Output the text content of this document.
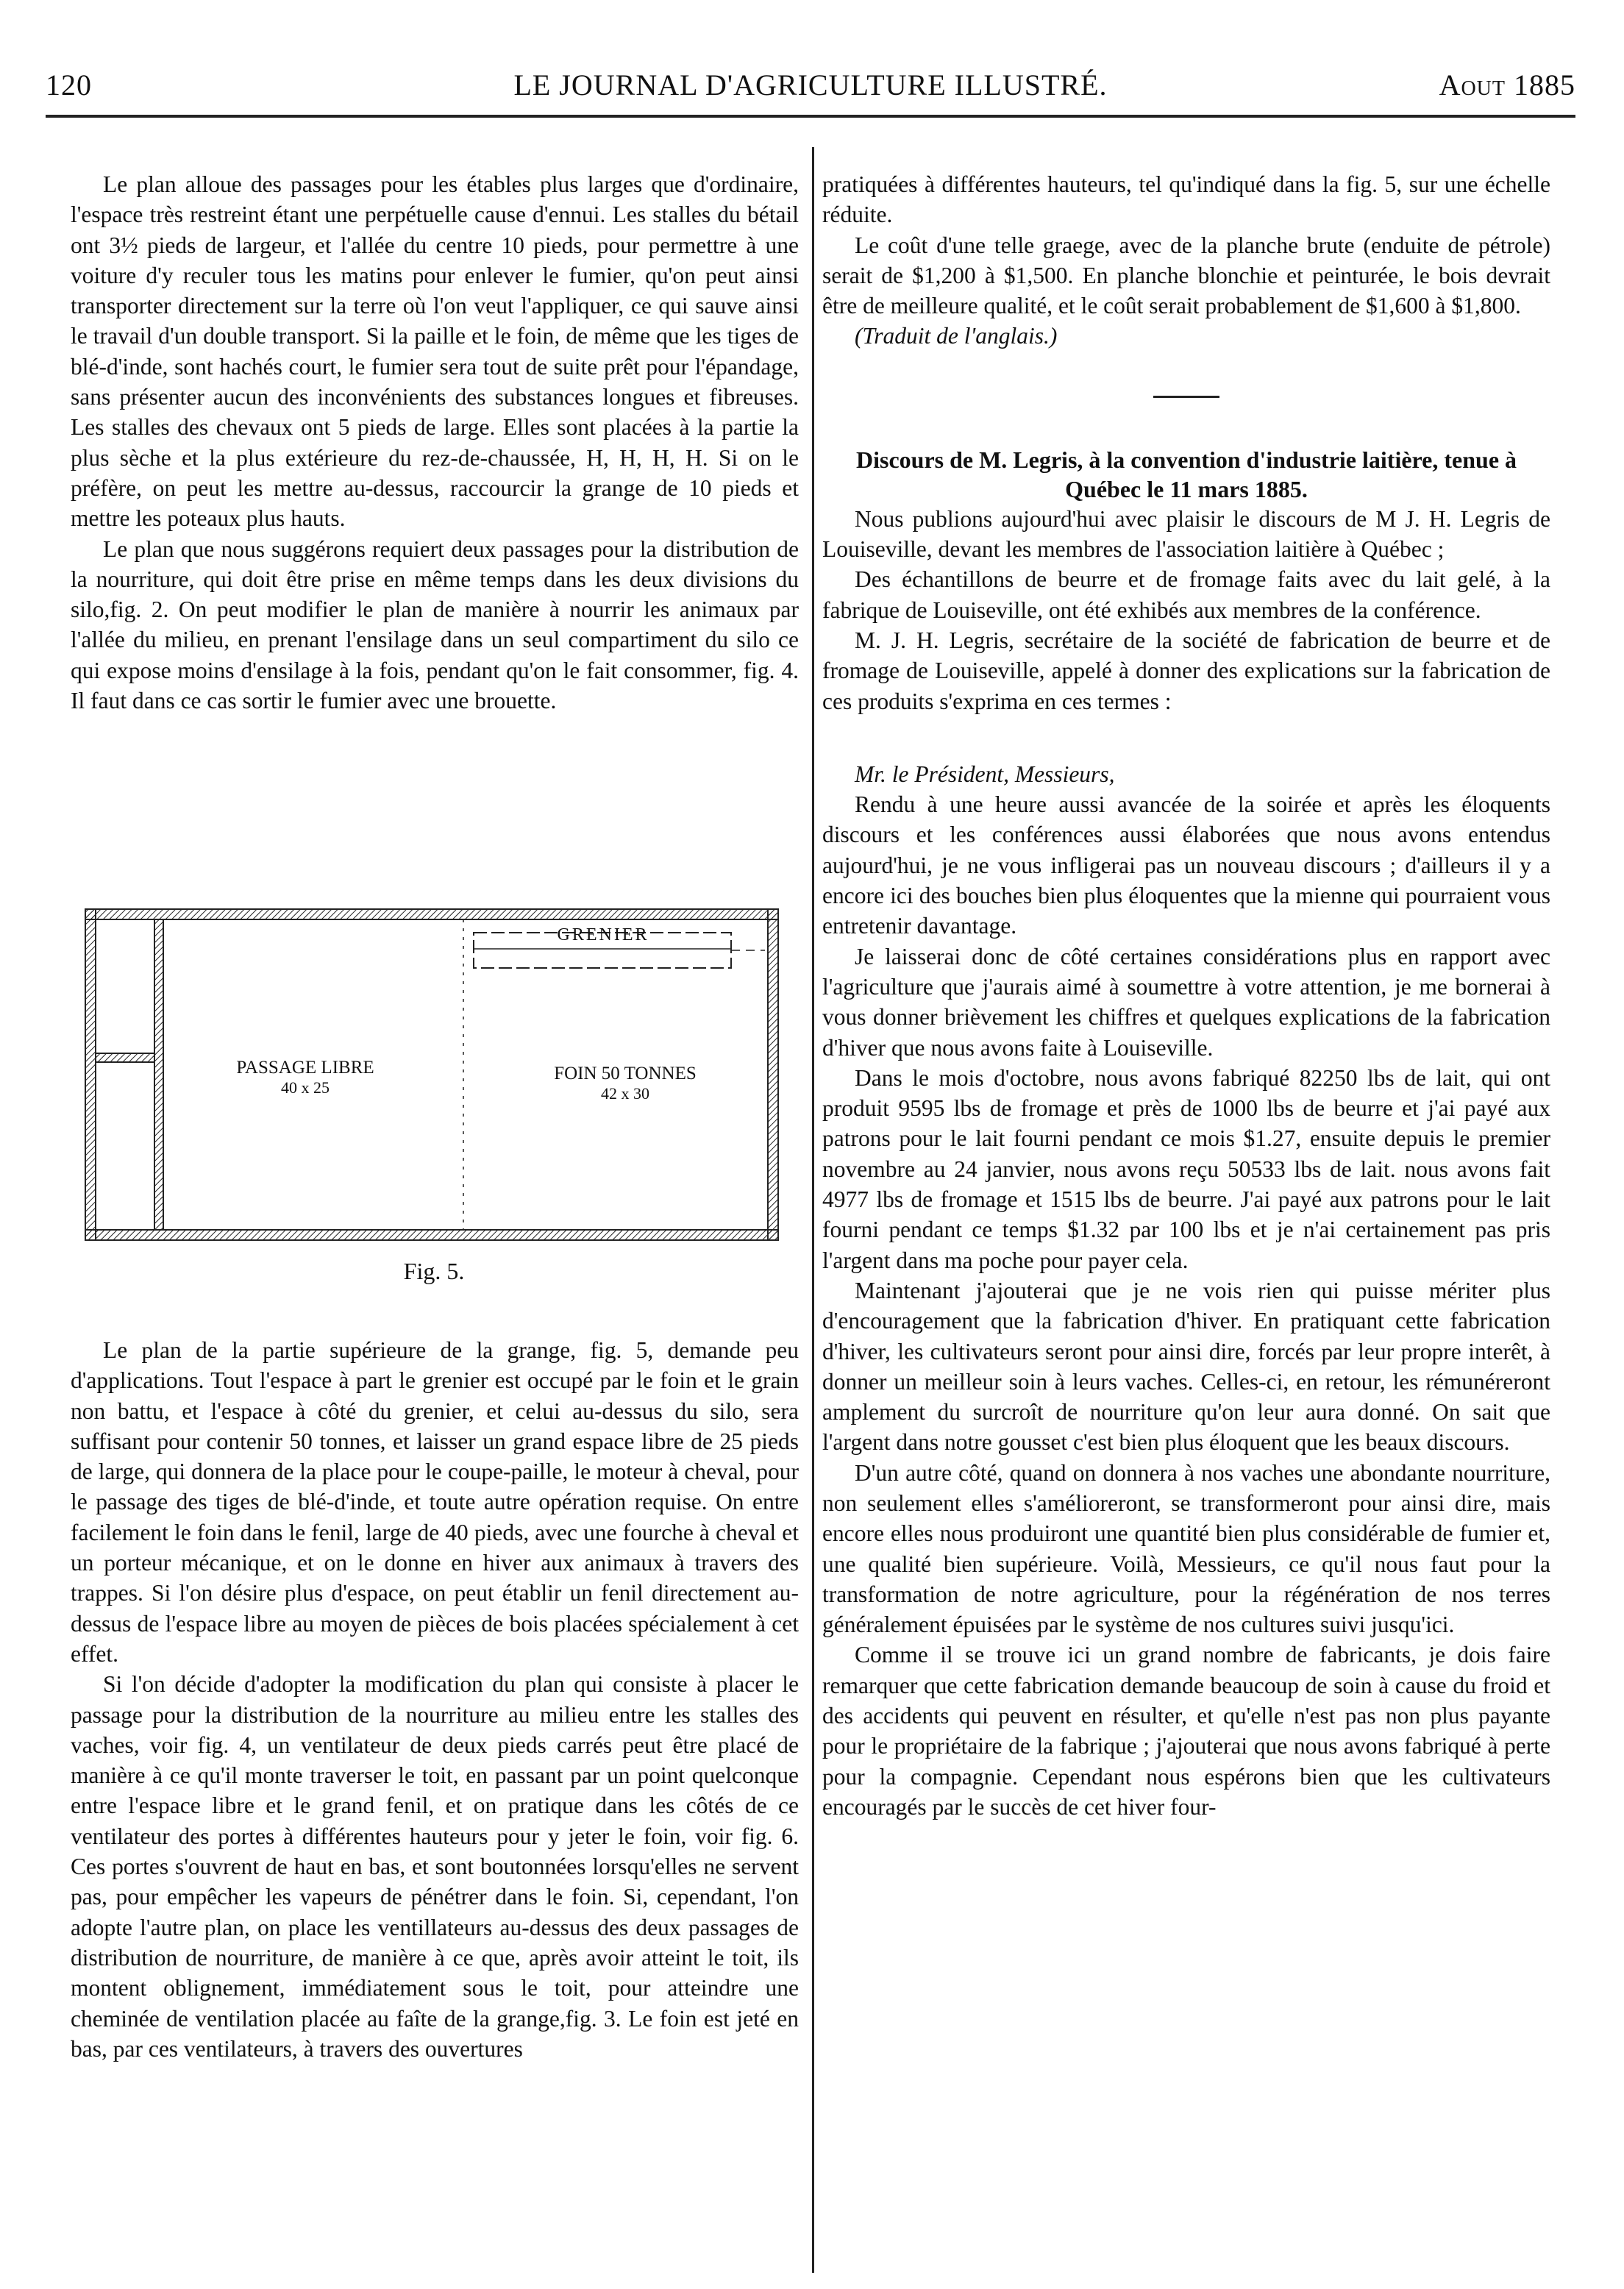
120	LE JOURNAL D'AGRICULTURE ILLUSTRÉ.	Aout 1885

Le plan alloue des passages pour les étables plus larges que d'ordinaire, l'espace très restreint étant une perpétuelle cause d'ennui. Les stalles du bétail ont 3½ pieds de largeur, et l'allée du centre 10 pieds, pour permettre à une voiture d'y reculer tous les matins pour enlever le fumier, qu'on peut ainsi transporter directement sur la terre où l'on veut l'appliquer, ce qui sauve ainsi le travail d'un double transport. Si la paille et le foin, de même que les tiges de blé-d'inde, sont hachés court, le fumier sera tout de suite prêt pour l'épandage, sans présenter aucun des inconvénients des substances longues et fibreuses. Les stalles des chevaux ont 5 pieds de large. Elles sont placées à la partie la plus sèche et la plus extérieure du rez-de-chaussée, H, H, H, H. Si on le préfère, on peut les mettre au-dessus, raccourcir la grange de 10 pieds et mettre les poteaux plus hauts.

Le plan que nous suggérons requiert deux passages pour la distribution de la nourriture, qui doit être prise en même temps dans les deux divisions du silo,fig. 2. On peut modifier le plan de manière à nourrir les animaux par l'allée du milieu, en prenant l'ensilage dans un seul compartiment du silo ce qui expose moins d'ensilage à la fois, pendant qu'on le fait consommer, fig. 4. Il faut dans ce cas sortir le fumier avec une brouette.

GRENIER
PASSAGE LIBRE
40 x 25
FOIN 50 TONNES
42 x 30
Fig. 5.

Le plan de la partie supérieure de la grange, fig. 5, demande peu d'applications. Tout l'espace à part le grenier est occupé par le foin et le grain non battu, et l'espace à côté du grenier, et celui au-dessus du silo, sera suffisant pour contenir 50 tonnes, et laisser un grand espace libre de 25 pieds de large, qui donnera de la place pour le coupe-paille, le moteur à cheval, pour le passage des tiges de blé-d'inde, et toute autre opération requise. On entre facilement le foin dans le fenil, large de 40 pieds, avec une fourche à cheval et un porteur mécanique, et on le donne en hiver aux animaux à travers des trappes. Si l'on désire plus d'espace, on peut établir un fenil directement au-dessus de l'espace libre au moyen de pièces de bois placées spécialement à cet effet.

Si l'on décide d'adopter la modification du plan qui consiste à placer le passage pour la distribution de la nourriture au milieu entre les stalles des vaches, voir fig. 4, un ventilateur de deux pieds carrés peut être placé de manière à ce qu'il monte traverser le toit, en passant par un point quelconque entre l'espace libre et le grand fenil, et on pratique dans les côtés de ce ventilateur des portes à différentes hauteurs pour y jeter le foin, voir fig. 6. Ces portes s'ouvrent de haut en bas, et sont boutonnées lorsqu'elles ne servent pas, pour empêcher les vapeurs de pénétrer dans le foin. Si, cependant, l'on adopte l'autre plan, on place les ventillateurs au-dessus des deux passages de distribution de nourriture, de manière à ce que, après avoir atteint le toit, ils montent oblignement, immédiatement sous le toit, pour atteindre une cheminée de ventilation placée au faîte de la grange,fig. 3. Le foin est jeté en bas, par ces ventilateurs, à travers des ouvertures

pratiquées à différentes hauteurs, tel qu'indiqué dans la fig. 5, sur une échelle réduite.

Le coût d'une telle graege, avec de la planche brute (enduite de pétrole) serait de $1,200 à $1,500. En planche blonchie et peinturée, le bois devrait être de meilleure qualité, et le coût serait probablement de $1,600 à $1,800.

(Traduit de l'anglais.)

Discours de M. Legris, à la convention d'industrie laitière, tenue à Québec le 11 mars 1885.

Nous publions aujourd'hui avec plaisir le discours de M J. H. Legris de Louiseville, devant les membres de l'association laitière à Québec ;

Des échantillons de beurre et de fromage faits avec du lait gelé, à la fabrique de Louiseville, ont été exhibés aux membres de la conférence.

M. J. H. Legris, secrétaire de la société de fabrication de beurre et de fromage de Louiseville, appelé à donner des explications sur la fabrication de ces produits s'exprima en ces termes :

Mr. le Président, Messieurs,

Rendu à une heure aussi avancée de la soirée et après les éloquents discours et les conférences aussi élaborées que nous avons entendus aujourd'hui, je ne vous infligerai pas un nouveau discours ; d'ailleurs il y a encore ici des bouches bien plus éloquentes que la mienne qui pourraient vous entretenir davantage.

Je laisserai donc de côté certaines considérations plus en rapport avec l'agriculture que j'aurais aimé à soumettre à votre attention, je me bornerai à vous donner brièvement les chiffres et quelques explications de la fabrication d'hiver que nous avons faite à Louiseville.

Dans le mois d'octobre, nous avons fabriqué 82250 lbs de lait, qui ont produit 9595 lbs de fromage et près de 1000 lbs de beurre et j'ai payé aux patrons pour le lait fourni pendant ce mois $1.27, ensuite depuis le premier novembre au 24 janvier, nous avons reçu 50533 lbs de lait. nous avons fait 4977 lbs de fromage et 1515 lbs de beurre. J'ai payé aux patrons pour le lait fourni pendant ce temps $1.32 par 100 lbs et je n'ai certainement pas pris l'argent dans ma poche pour payer cela.

Maintenant j'ajouterai que je ne vois rien qui puisse mériter plus d'encouragement que la fabrication d'hiver. En pratiquant cette fabrication d'hiver, les cultivateurs seront pour ainsi dire, forcés par leur propre interêt, à donner un meilleur soin à leurs vaches. Celles-ci, en retour, les rémunéreront amplement du surcroît de nourriture qu'on leur aura donné. On sait que l'argent dans notre gousset c'est bien plus éloquent que les beaux discours.

D'un autre côté, quand on donnera à nos vaches une abondante nourriture, non seulement elles s'amélioreront, se transformeront pour ainsi dire, mais encore elles nous produiront une quantité bien plus considérable de fumier et, une qualité bien supérieure. Voilà, Messieurs, ce qu'il nous faut pour la transformation de notre agriculture, pour la régénération de nos terres généralement épuisées par le système de nos cultures suivi jusqu'ici.

Comme il se trouve ici un grand nombre de fabricants, je dois faire remarquer que cette fabrication demande beaucoup de soin à cause du froid et des accidents qui peuvent en résulter, et qu'elle n'est pas non plus payante pour le propriétaire de la fabrique ; j'ajouterai que nous avons fabriqué à perte pour la compagnie. Cependant nous espérons bien que les cultivateurs encouragés par le succès de cet hiver four-
